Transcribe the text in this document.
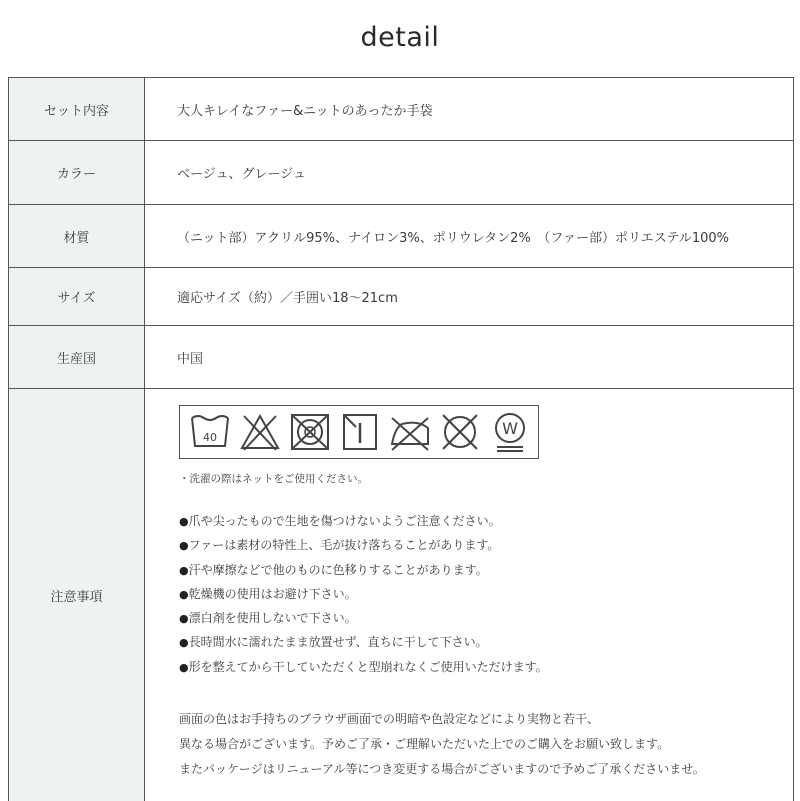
detail
セット内容	大人キレイなファー&ニットのあったか手袋
カラー	ベージュ、グレージュ
材質	（ニット部）アクリル95%、ナイロン3%、ポリウレタン2%　（ファー部）ポリエステル100%
サイズ	適応サイズ（約）／手囲い18～21cm
生産国	中国
注意事項
40	W
・洗濯の際はネットをご使用ください。
●爪や尖ったもので生地を傷つけないようご注意ください。
●ファーは素材の特性上、毛が抜け落ちることがあります。
●汗や摩擦などで他のものに色移りすることがあります。
●乾燥機の使用はお避け下さい。
●漂白剤を使用しないで下さい。
●長時間水に濡れたまま放置せず、直ちに干して下さい。
●形を整えてから干していただくと型崩れなくご使用いただけます。
画面の色はお手持ちのブラウザ画面での明暗や色設定などにより実物と若干、
異なる場合がございます。予めご了承・ご理解いただいた上でのご購入をお願い致します。
またパッケージはリニューアル等につき変更する場合がございますので予めご了承くださいませ。
